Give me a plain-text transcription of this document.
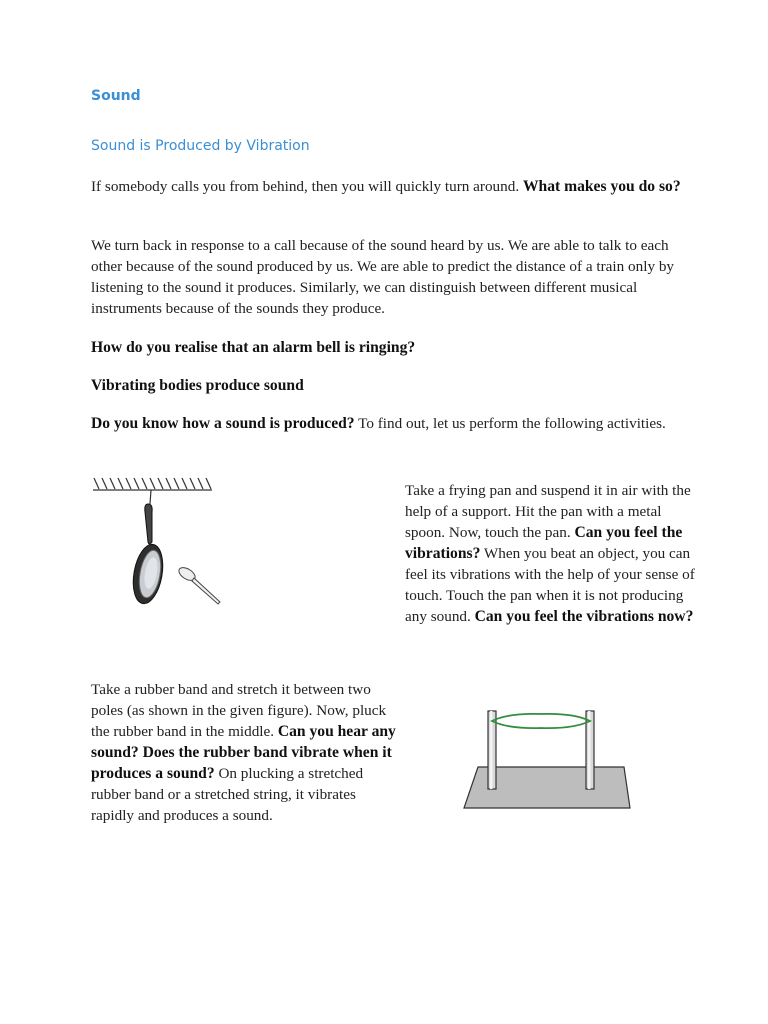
Sound
Sound is Produced by Vibration

If somebody calls you from behind, then you will quickly turn around. What makes you do so?

We turn back in response to a call because of the sound heard by us. We are able to talk to each other because of the sound produced by us. We are able to predict the distance of a train only by listening to the sound it produces. Similarly, we can distinguish between different musical instruments because of the sounds they produce.

How do you realise that an alarm bell is ringing?

Vibrating bodies produce sound

Do you know how a sound is produced? To find out, let us perform the following activities.

Take a frying pan and suspend it in air with the help of a support. Hit the pan with a metal spoon. Now, touch the pan. Can you feel the vibrations? When you beat an object, you can feel its vibrations with the help of your sense of touch. Touch the pan when it is not producing any sound. Can you feel the vibrations now?

Take a rubber band and stretch it between two poles (as shown in the given figure). Now, pluck the rubber band in the middle. Can you hear any sound? Does the rubber band vibrate when it produces a sound? On plucking a stretched rubber band or a stretched string, it vibrates rapidly and produces a sound.
